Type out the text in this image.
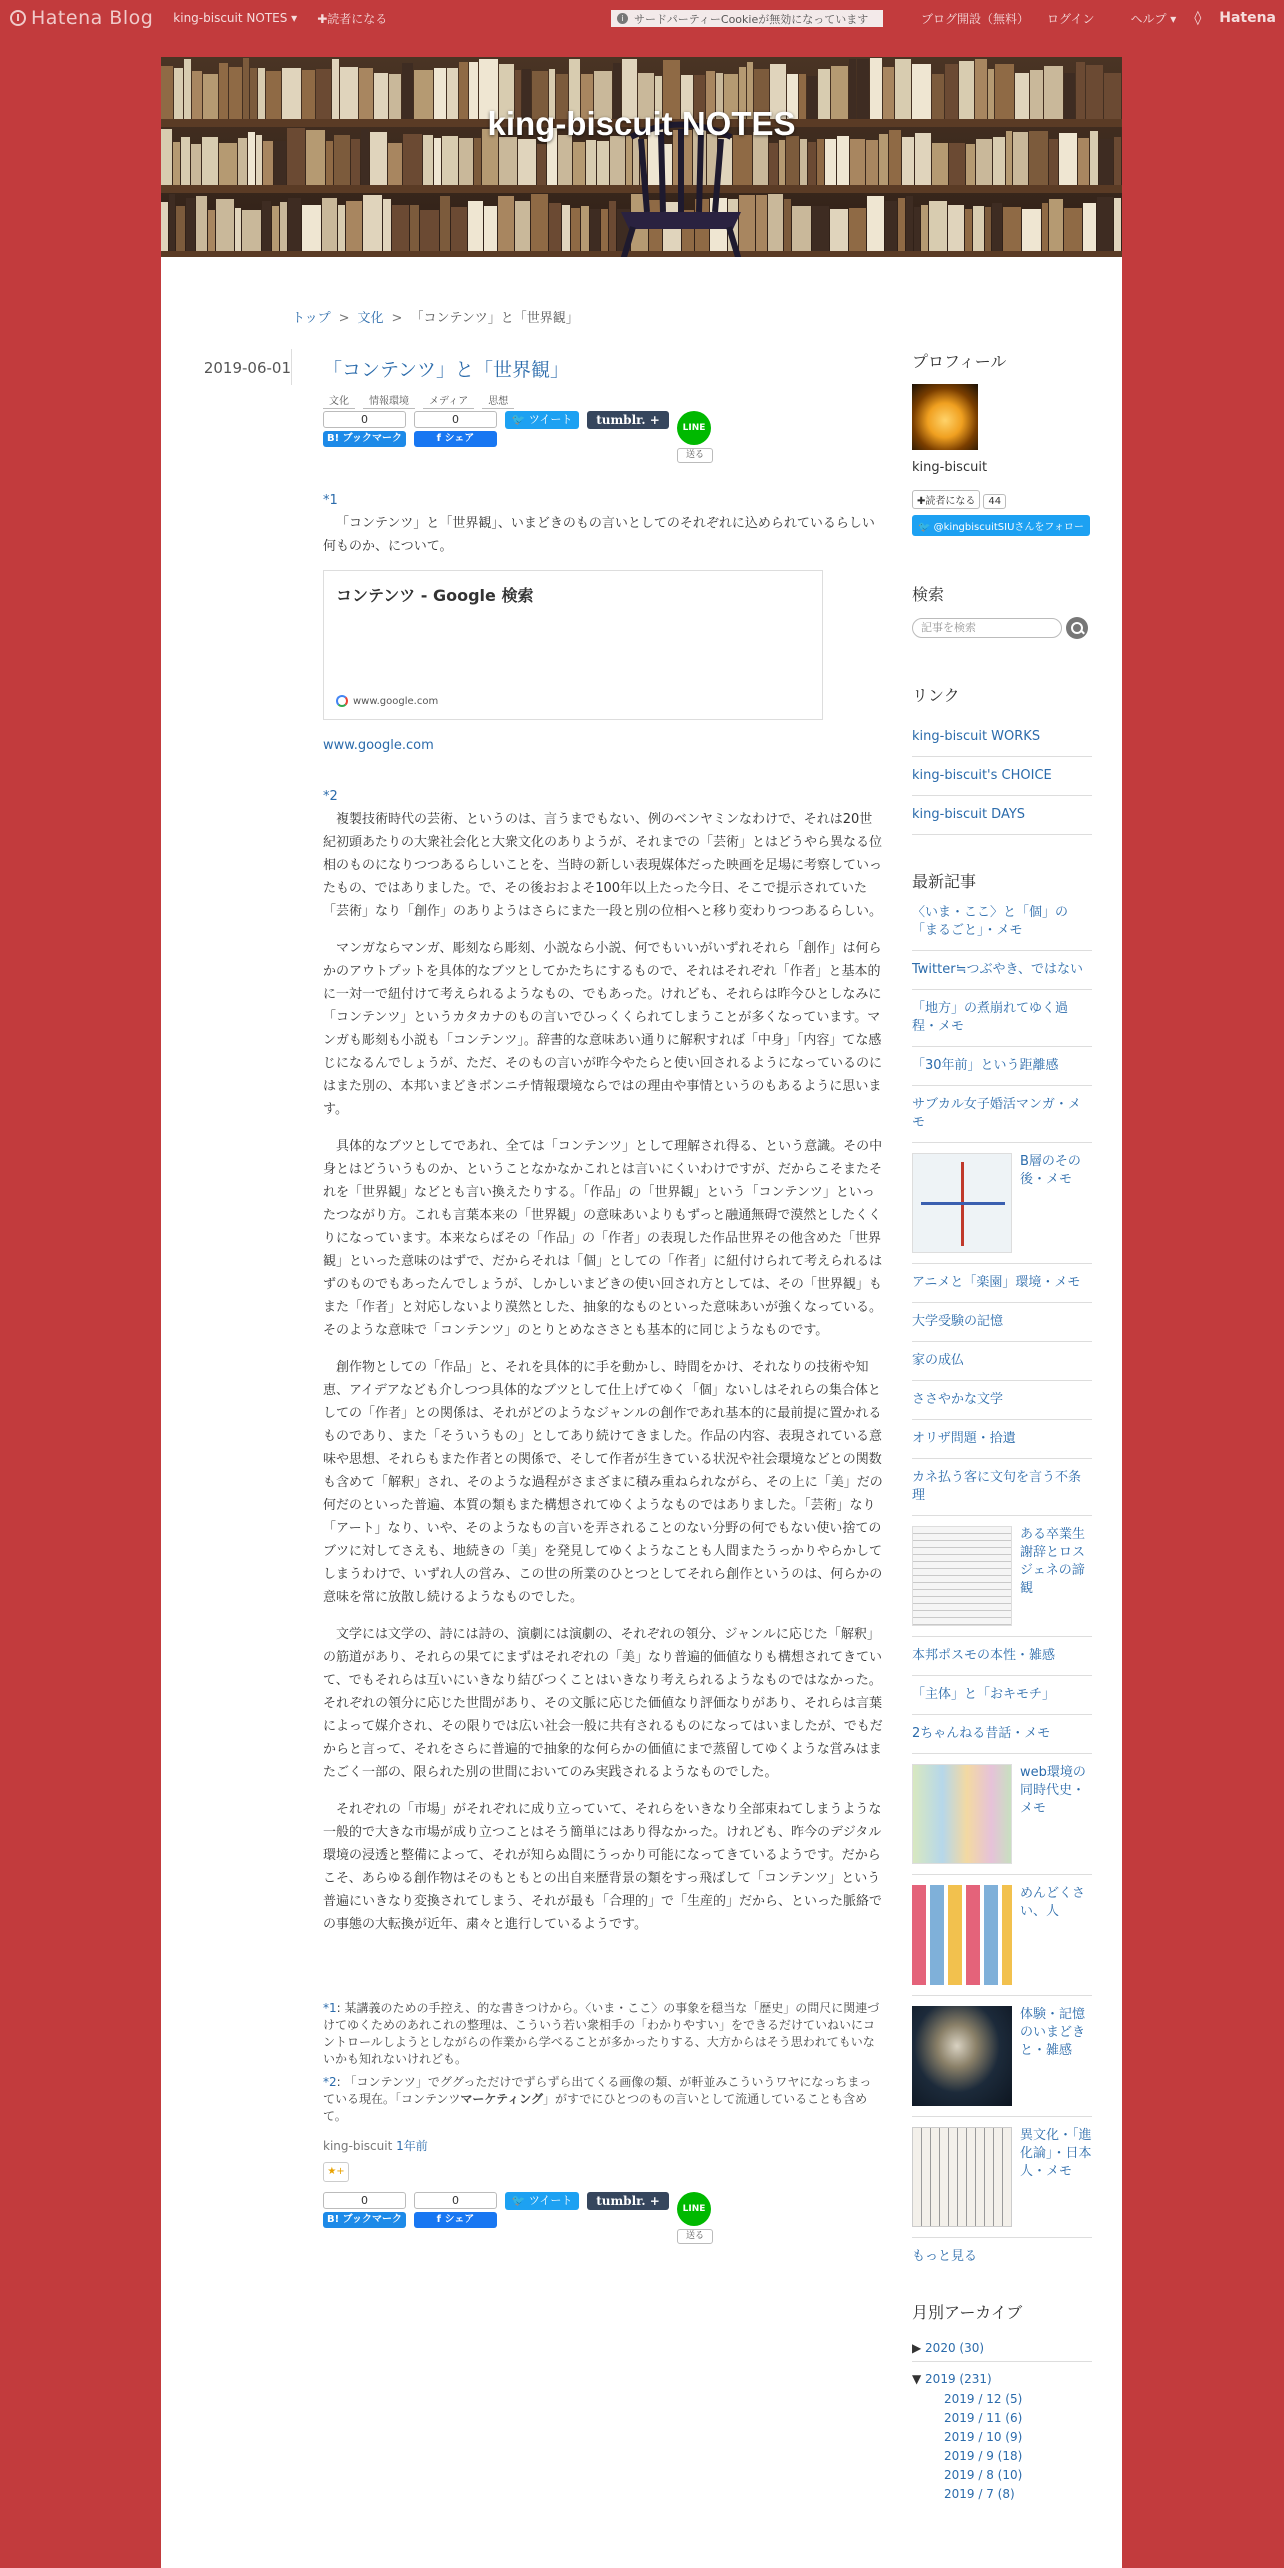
Hatena Blog king-biscuit NOTES ▾ ✚読者になる	i サードパーティーCookieが無効になっています	ブログ開設（無料） ログイン	ヘルプ ▾ ◊ Hatena
king-biscuit NOTES
トップ > 文化 > 「コンテンツ」と「世界観」
2019-06-01 「コンテンツ」と「世界観」
文化	情報環境	メディア	思想
0
B! ブックマーク
0
f シェア
🐦 ツイート	tumblr. +
LINE
送る
*1

「コンテンツ」と「世界観」、いまどきのもの言いとしてのそれぞれに込められているらしい何ものか、について。

コンテンツ - Google 検索
www.google.com
www.google.com
*2

複製技術時代の芸術、というのは、言うまでもない、例のベンヤミンなわけで、それは20世紀初頭あたりの大衆社会化と大衆文化のありようが、それまでの「芸術」とはどうやら異なる位相のものになりつつあるらしいことを、当時の新しい表現媒体だった映画を足場に考察していったもの、ではありました。で、その後おおよそ100年以上たった今日、そこで提示されていた「芸術」なり「創作」のありようはさらにまた一段と別の位相へと移り変わりつつあるらしい。

マンガならマンガ、彫刻なら彫刻、小説なら小説、何でもいいがいずれそれら「創作」は何らかのアウトプットを具体的なブツとしてかたちにするもので、それはそれぞれ「作者」と基本的に一対一で紐付けて考えられるようなもの、でもあった。けれども、それらは昨今ひとしなみに「コンテンツ」というカタカナのもの言いでひっくくられてしまうことが多くなっています。マンガも彫刻も小説も「コンテンツ」。辞書的な意味あい通りに解釈すれば「中身」「内容」てな感じになるんでしょうが、ただ、そのもの言いが昨今やたらと使い回されるようになっているのにはまた別の、本邦いまどきボンニチ情報環境ならではの理由や事情というのもあるように思います。

具体的なブツとしてであれ、全ては「コンテンツ」として理解され得る、という意識。その中身とはどういうものか、ということなかなかこれとは言いにくいわけですが、だからこそまたそれを「世界観」などとも言い換えたりする。「作品」の「世界観」という「コンテンツ」といったつながり方。これも言葉本来の「世界観」の意味あいよりもずっと融通無碍で漠然としたくくりになっています。本来ならばその「作品」の「作者」の表現した作品世界その他含めた「世界観」といった意味のはずで、だからそれは「個」としての「作者」に紐付けられて考えられるはずのものでもあったんでしょうが、しかしいまどきの使い回され方としては、その「世界観」もまた「作者」と対応しないより漠然とした、抽象的なものといった意味あいが強くなっている。そのような意味で「コンテンツ」のとりとめなささとも基本的に同じようなものです。

創作物としての「作品」と、それを具体的に手を動かし、時間をかけ、それなりの技術や知恵、アイデアなども介しつつ具体的なブツとして仕上げてゆく「個」ないしはそれらの集合体としての「作者」との関係は、それがどのようなジャンルの創作であれ基本的に最前提に置かれるものであり、また「そういうもの」としてあり続けてきました。作品の内容、表現されている意味や思想、それらもまた作者との関係で、そして作者が生きている状況や社会環境などとの関数も含めて「解釈」され、そのような過程がさまざまに積み重ねられながら、その上に「美」だの何だのといった普遍、本質の類もまた構想されてゆくようなものではありました。「芸術」なり「アート」なり、いや、そのようなもの言いを弄されることのない分野の何でもない使い捨てのブツに対してさえも、地続きの「美」を発見してゆくようなことも人間またうっかりやらかしてしまうわけで、いずれ人の営み、この世の所業のひとつとしてそれら創作というのは、何らかの意味を常に放散し続けるようなものでした。

文学には文学の、詩には詩の、演劇には演劇の、それぞれの領分、ジャンルに応じた「解釈」の筋道があり、それらの果てにまずはそれぞれの「美」なり普遍的価値なりも構想されてきていて、でもそれらは互いにいきなり結びつくことはいきなり考えられるようなものではなかった。それぞれの領分に応じた世間があり、その文脈に応じた価値なり評価なりがあり、それらは言葉によって媒介され、その限りでは広い社会一般に共有されるものになってはいましたが、でもだからと言って、それをさらに普遍的で抽象的な何らかの価値にまで蒸留してゆくような営みはまたごく一部の、限られた別の世間においてのみ実践されるようなものでした。

それぞれの「市場」がそれぞれに成り立っていて、それらをいきなり全部束ねてしまうような一般的で大きな市場が成り立つことはそう簡単にはあり得なかった。けれども、昨今のデジタル環境の浸透と整備によって、それが知らぬ間にうっかり可能になってきているようです。だからこそ、あらゆる創作物はそのもともとの出自来歴背景の類をすっ飛ばして「コンテンツ」という普遍にいきなり変換されてしまう、それが最も「合理的」で「生産的」だから、といった脈絡での事態の大転換が近年、粛々と進行しているようです。

*1: 某講義のための手控え、的な書きつけから。〈いま・ここ〉の事象を穏当な「歴史」の問尺に関連づけてゆくためのあれこれの整理は、こういう若い衆相手の「わかりやすい」をできるだけていねいにコントロールしようとしながらの作業から学べることが多かったりする、大方からはそう思われてもいないかも知れないけれども。

*2: 「コンテンツ」でググっただけでずらずら出てくる画像の類、が軒並みこういうワヤになっちまっている現在。「コンテンツマーケティング」がすでにひとつのもの言いとして流通していることも含めて。

king-biscuit 1年前
★+
0
B! ブックマーク
0
f シェア
🐦 ツイート	tumblr. +
LINE
送る
プロフィール
king-biscuit
✚読者になる 44
🐦 @kingbiscuitSIUさんをフォロー
検索
記事を検索
リンク
king-biscuit WORKS
king-biscuit's CHOICE
king-biscuit DAYS
最新記事
〈いま・ここ〉と「個」の「まるごと」・メモ
Twitter≒つぶやき、ではない
「地方」の煮崩れてゆく過程・メモ
「30年前」という距離感
サブカル女子婚活マンガ・メモ
B層のその後・メモ
アニメと「楽園」環境・メモ
大学受験の記憶
家の成仏
ささやかな文学
オリザ問題・拾遺
カネ払う客に文句を言う不条理
ある卒業生謝辞とロスジェネの諦観
本邦ポスモの本性・雑感
「主体」と「おキモチ」
2ちゃんねる昔話・メモ
web環境の同時代史・メモ
めんどくさい、人
体験・記憶のいまどきと・雑感
異文化・「進化論」・日本人・メモ
もっと見る
月別アーカイブ
▶ 2020 (30)
▼ 2019 (231)
2019 / 12 (5)
2019 / 11 (6)
2019 / 10 (9)
2019 / 9 (18)
2019 / 8 (10)
2019 / 7 (8)
